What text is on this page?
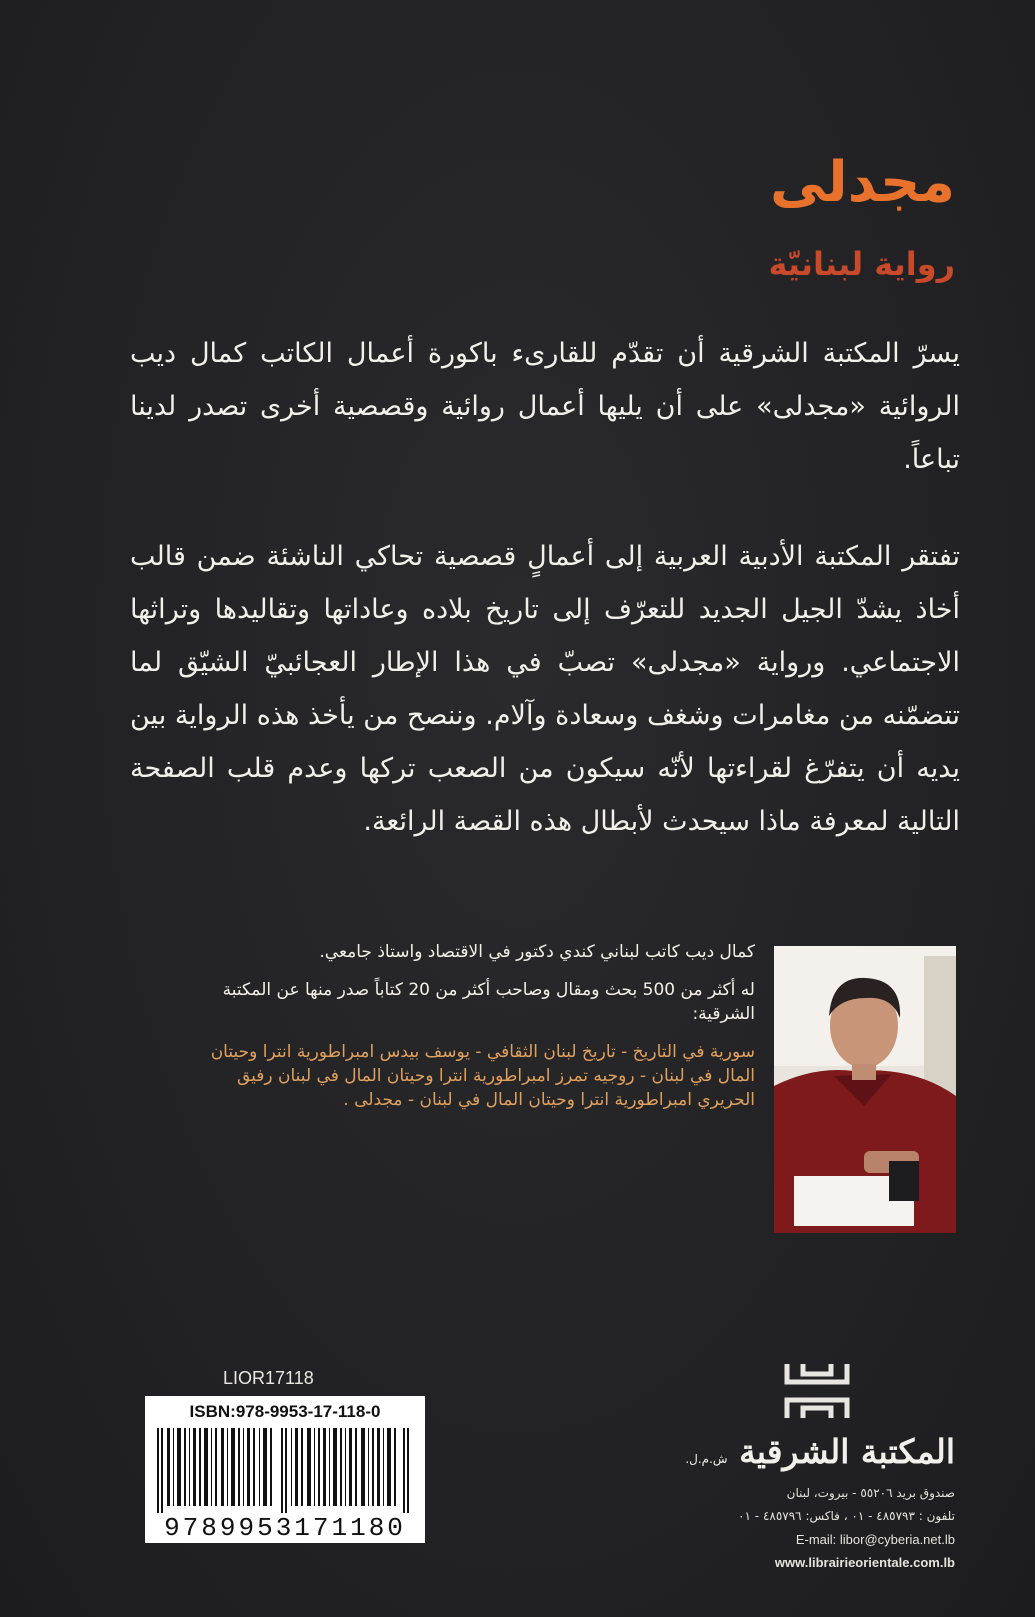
مجدلى
رواية لبنانيّة

يسرّ المكتبة الشرقية أن تقدّم للقارىء باكورة أعمال الكاتب كمال ديب الروائية «مجدلى» على أن يليها أعمال روائية وقصصية أخرى تصدر لدينا تباعاً.

تفتقر المكتبة الأدبية العربية إلى أعمالٍ قصصية تحاكي الناشئة ضمن قالب أخاذ يشدّ الجيل الجديد للتعرّف إلى تاريخ بلاده وعاداتها وتقاليدها وتراثها الاجتماعي. ورواية «مجدلى» تصبّ في هذا الإطار العجائبيّ الشيّق لما تتضمّنه من مغامرات وشغف وسعادة وآلام. وننصح من يأخذ هذه الرواية بين يديه أن يتفرّغ لقراءتها لأنّه سيكون من الصعب تركها وعدم قلب الصفحة التالية لمعرفة ماذا سيحدث لأبطال هذه القصة الرائعة.

كمال ديب كاتب لبناني كندي دكتور في الاقتصاد واستاذ جامعي.

له أكثر من 500 بحث ومقال وصاحب أكثر من 20 كتاباً صدر منها عن المكتبة الشرقية:

سورية في التاريخ - تاريخ لبنان الثقافي - يوسف بيدس امبراطورية انترا وحيتان المال في لبنان - روجيه تمرز امبراطورية انترا وحيتان المال في لبنان رفيق الحريري امبراطورية انترا وحيتان المال في لبنان - مجدلى .

LIOR17118
ISBN:978-9953-17-118-0
9789953171180
المكتبة الشرقية ش.م.ل.
صندوق بريد ٥٥٢٠٦ - بيروت، لبنان
تلفون : ٤٨٥٧٩٣ - ٠١ ، فاكس: ٤٨٥٧٩٦ - ٠١
E-mail: libor@cyberia.net.lb
www.librairieorientale.com.lb
